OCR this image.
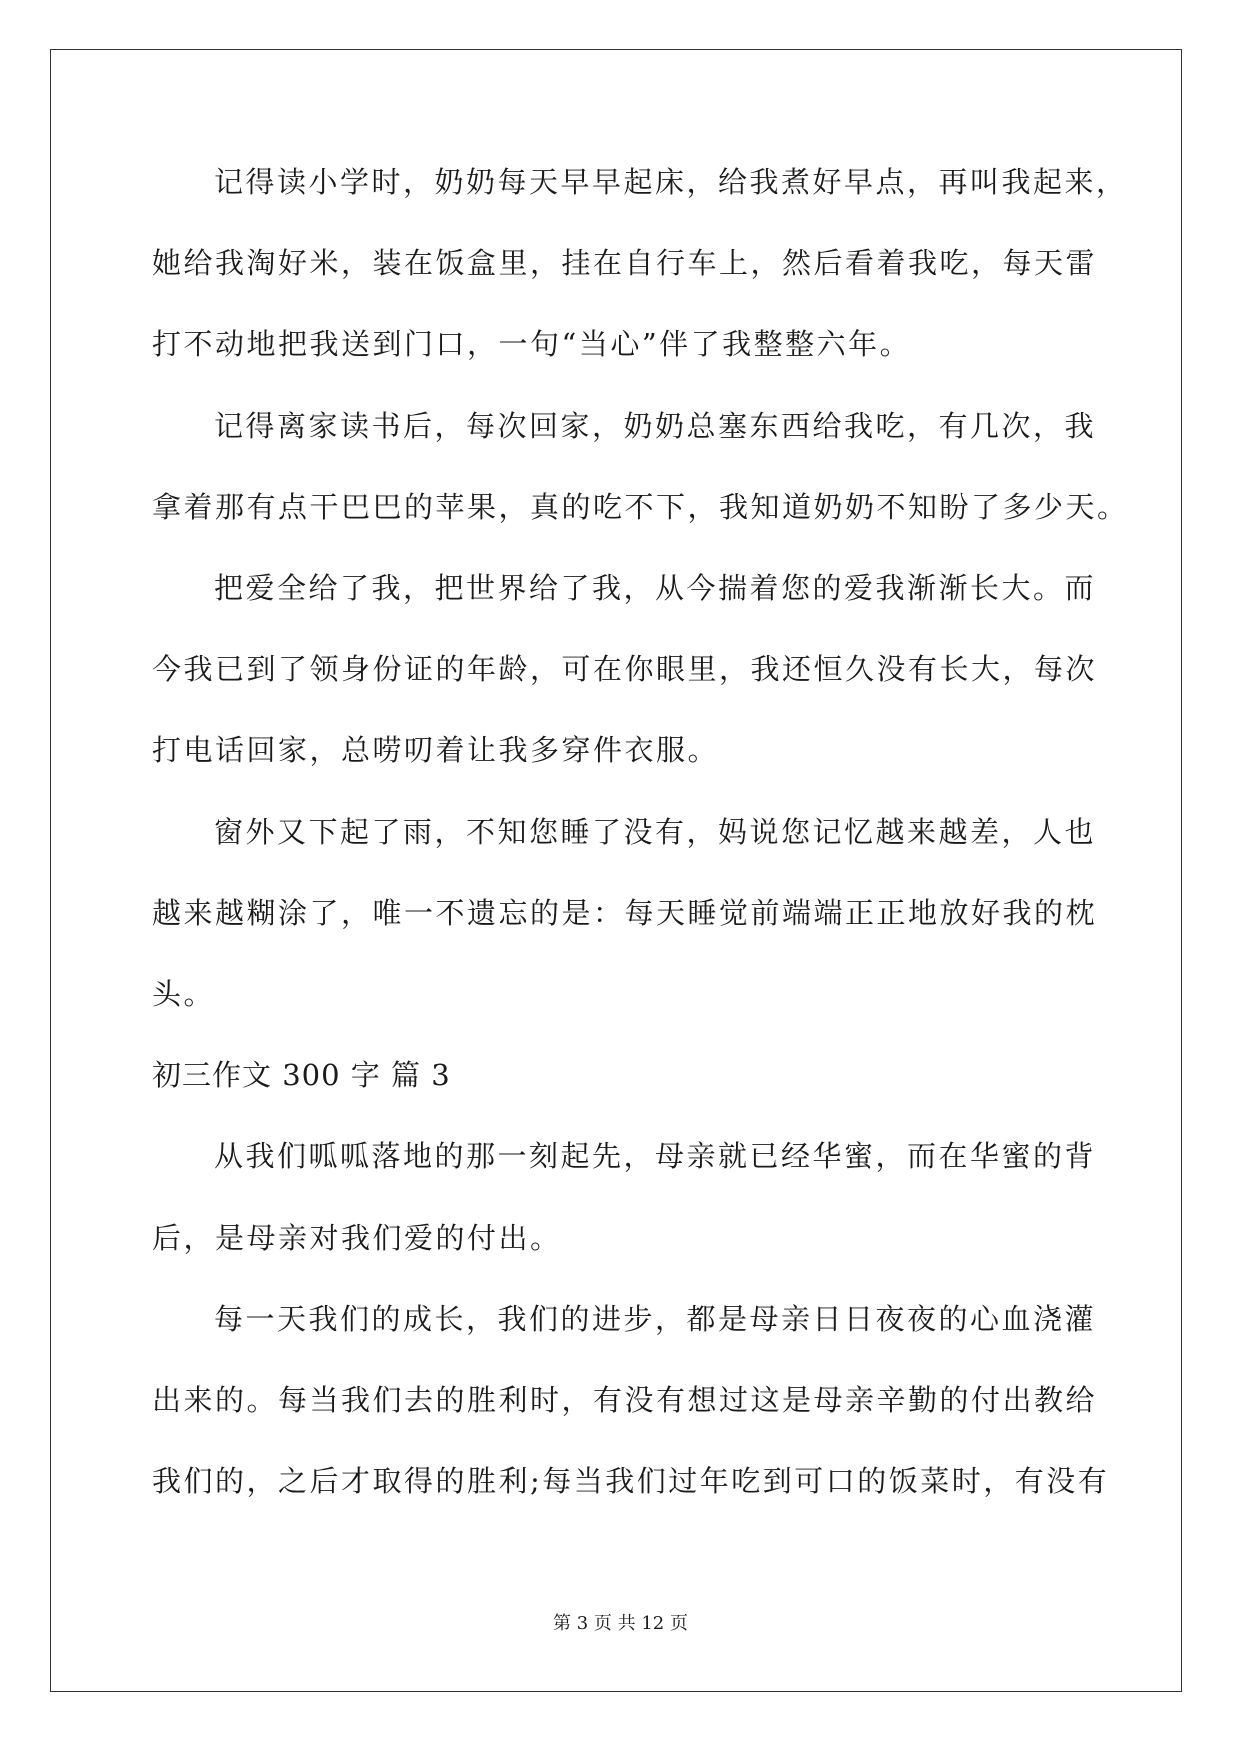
记得读小学时，奶奶每天早早起床，给我煮好早点，再叫我起来，
她给我淘好米，装在饭盒里，挂在自行车上，然后看着我吃，每天雷
打不动地把我送到门口，一句“当心”伴了我整整六年。
记得离家读书后，每次回家，奶奶总塞东西给我吃，有几次，我
拿着那有点干巴巴的苹果，真的吃不下，我知道奶奶不知盼了多少天。
把爱全给了我，把世界给了我，从今揣着您的爱我渐渐长大。而
今我已到了领身份证的年龄，可在你眼里，我还恒久没有长大，每次
打电话回家，总唠叨着让我多穿件衣服。
窗外又下起了雨，不知您睡了没有，妈说您记忆越来越差，人也
越来越糊涂了，唯一不遗忘的是：每天睡觉前端端正正地放好我的枕
头。
初三作文 300 字 篇 3
从我们呱呱落地的那一刻起先，母亲就已经华蜜，而在华蜜的背
后，是母亲对我们爱的付出。
每一天我们的成长，我们的进步，都是母亲日日夜夜的心血浇灌
出来的。每当我们去的胜利时，有没有想过这是母亲辛勤的付出教给
我们的，之后才取得的胜利;每当我们过年吃到可口的饭菜时，有没有
第 3 页 共 12 页
